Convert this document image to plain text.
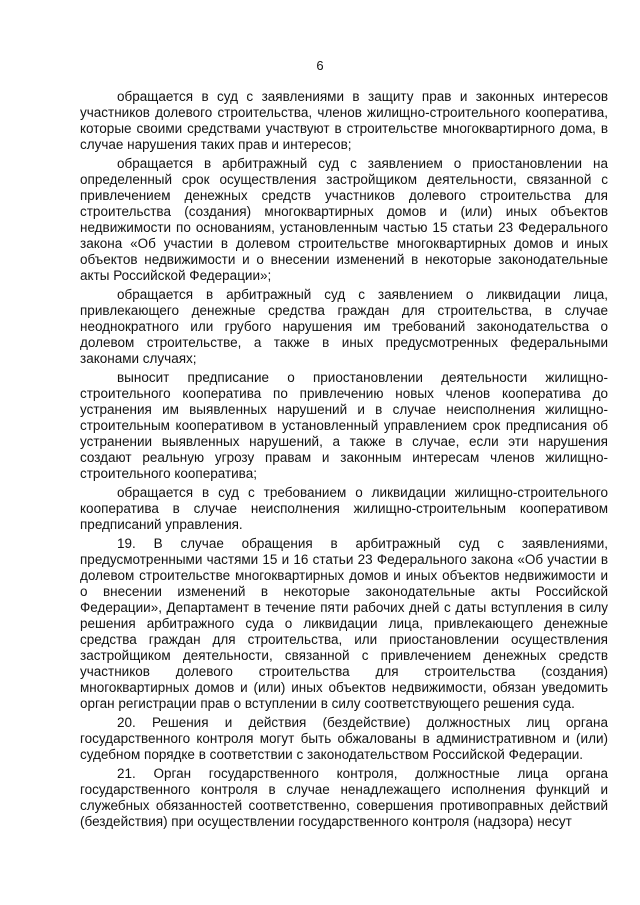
6

обращается в суд с заявлениями в защиту прав и законных интересов участников долевого строительства, членов жилищно-строительного кооператива, которые своими средствами участвуют в строительстве многоквартирного дома, в случае нарушения таких прав и интересов;

обращается в арбитражный суд с заявлением о приостановлении на определенный срок осуществления застройщиком деятельности, связанной с привлечением денежных средств участников долевого строительства для строительства (создания) многоквартирных домов и (или) иных объектов недвижимости по основаниям, установленным частью 15 статьи 23 Федерального закона «Об участии в долевом строительстве многоквартирных домов и иных объектов недвижимости и о внесении изменений в некоторые законодательные акты Российской Федерации»;

обращается в арбитражный суд с заявлением о ликвидации лица, привлекающего денежные средства граждан для строительства, в случае неоднократного или грубого нарушения им требований законодательства о долевом строительстве, а также в иных предусмотренных федеральными законами случаях;

выносит предписание о приостановлении деятельности жилищно-строительного кооператива по привлечению новых членов кооператива до устранения им выявленных нарушений и в случае неисполнения жилищно-строительным кооперативом в установленный управлением срок предписания об устранении выявленных нарушений, а также в случае, если эти нарушения создают реальную угрозу правам и законным интересам членов жилищно-строительного кооператива;

обращается в суд с требованием о ликвидации жилищно-строительного кооператива в случае неисполнения жилищно-строительным кооперативом предписаний управления.

19. В случае обращения в арбитражный суд с заявлениями, предусмотренными частями 15 и 16 статьи 23 Федерального закона «Об участии в долевом строительстве многоквартирных домов и иных объектов недвижимости и о внесении изменений в некоторые законодательные акты Российской Федерации», Департамент в течение пяти рабочих дней с даты вступления в силу решения арбитражного суда о ликвидации лица, привлекающего денежные средства граждан для строительства, или приостановлении осуществления застройщиком деятельности, связанной с привлечением денежных средств участников долевого строительства для строительства (создания) многоквартирных домов и (или) иных объектов недвижимости, обязан уведомить орган регистрации прав о вступлении в силу соответствующего решения суда.

20. Решения и действия (бездействие) должностных лиц органа государственного контроля могут быть обжалованы в административном и (или) судебном порядке в соответствии с законодательством Российской Федерации.

21. Орган государственного контроля, должностные лица органа государственного контроля в случае ненадлежащего исполнения функций и служебных обязанностей соответственно, совершения противоправных действий (бездействия) при осуществлении государственного контроля (надзора) несут
